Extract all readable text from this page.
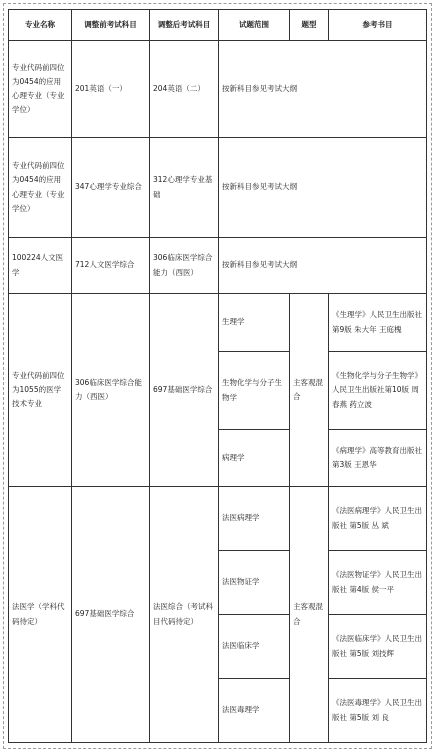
专业名称	调整前考试科目	调整后考试科目	试题范围	题型	参考书目
专业代码前四位为0454的应用心理专业（专业学位）	201英语（一）	204英语（二）	按新科目参见考试大纲		
专业代码前四位为0454的应用心理专业（专业学位）	347心理学专业综合	312心理学专业基础	按新科目参见考试大纲		
100224人文医学	712人文医学综合	306临床医学综合能力（西医）	按新科目参见考试大纲		
专业代码前四位为1055的医学技术专业	306临床医学综合能力（西医）	697基础医学综合	生理学	主客观混合	《生理学》人民卫生出版社第9版 朱大年 王庭槐
			生物化学与分子生物学		《生物化学与分子生物学》人民卫生出版社第10版 周春燕 药立波
			病理学		《病理学》高等教育出版社第3版 王恩华
法医学（学科代码待定）	697基础医学综合	法医综合（考试科目代码待定）	法医病理学	主客观混合	《法医病理学》人民卫生出版社 第5版 丛 斌
			法医物证学		《法医物证学》人民卫生出版社 第4版 侯一平
			法医临床学		《法医临床学》人民卫生出版社 第5版 刘技辉
			法医毒理学		《法医毒理学》人民卫生出版社 第5版 刘 良
